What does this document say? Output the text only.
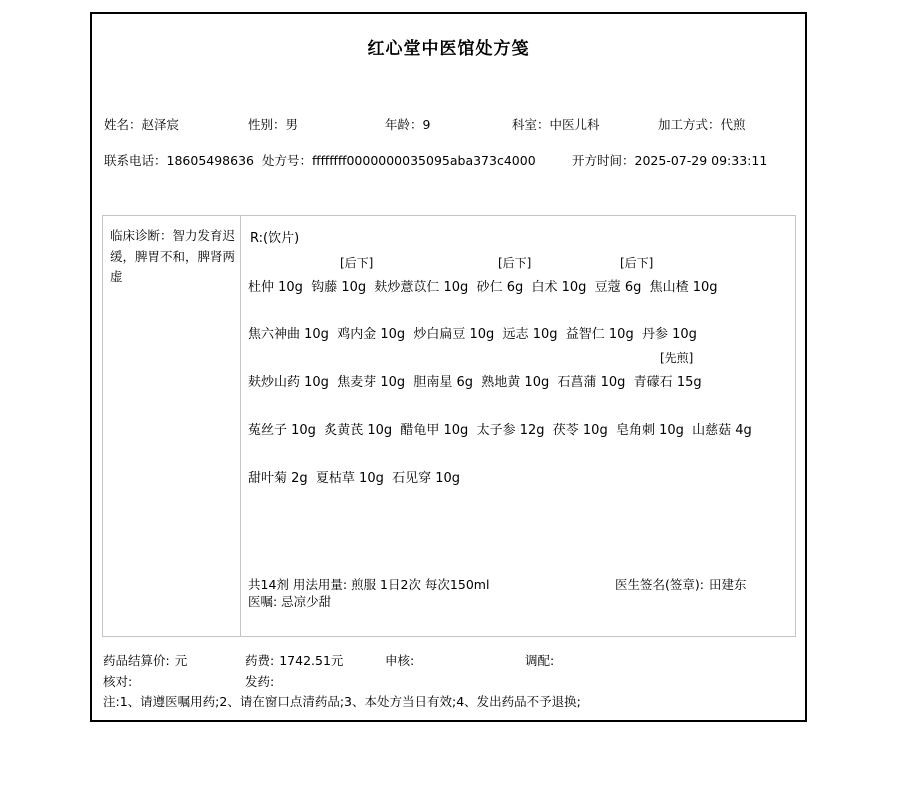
红心堂中医馆处方笺
姓名：赵泽宸	性别：男	年龄：9	科室：中医儿科	加工方式：代煎
联系电话：18605498636 处方号：ffffffff0000000035095aba373c4000	开方时间：2025-07-29 09:33:11
临床诊断：智力发育迟缓，脾胃不和，脾肾两虚
R:(饮片)
[后下]	[后下]	[后下]
杜仲 10g  钩藤 10g  麸炒薏苡仁 10g  砂仁 6g  白术 10g  豆蔻 6g  焦山楂 10g
焦六神曲 10g  鸡内金 10g  炒白扁豆 10g  远志 10g  益智仁 10g  丹参 10g
[先煎]
麸炒山药 10g  焦麦芽 10g  胆南星 6g  熟地黄 10g  石菖蒲 10g  青礞石 15g
菟丝子 10g  炙黄芪 10g  醋龟甲 10g  太子参 12g  茯苓 10g  皂角刺 10g  山慈菇 4g
甜叶菊 2g  夏枯草 10g  石见穿 10g
共14剂 用法用量: 煎服 1日2次 每次150ml	医生签名(签章): 田建东
医嘱: 忌凉少甜
药品结算价: 元	药费: 1742.51元	申核:	调配:
核对:	发药:
注:1、请遵医嘱用药;2、请在窗口点清药品;3、本处方当日有效;4、发出药品不予退换;
